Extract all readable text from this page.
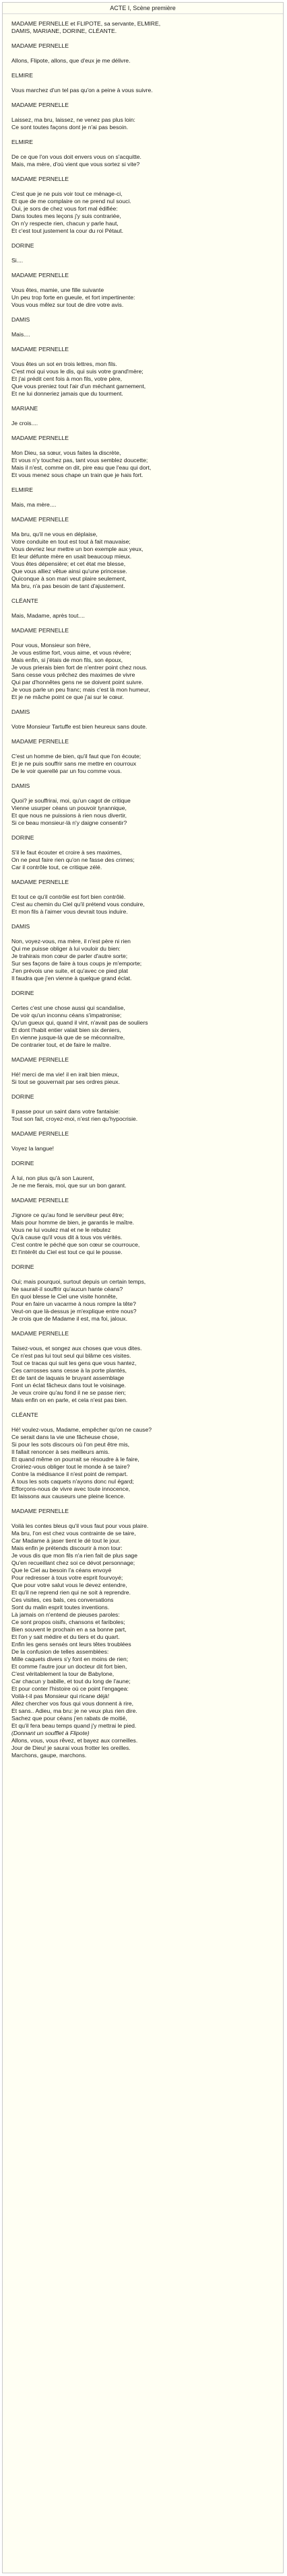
ACTE I, Scène première
MADAME PERNELLE et FLIPOTE, sa servante, ELMIRE,
DAMIS, MARIANE, DORINE, CLÉANTE.
MADAME PERNELLE
Allons, Flipote, allons, que d'eux je me délivre.
ELMIRE
Vous marchez d'un tel pas qu'on a peine à vous suivre.
MADAME PERNELLE
Laissez, ma bru, laissez, ne venez pas plus loin:
Ce sont toutes façons dont je n'ai pas besoin.
ELMIRE
De ce que l'on vous doit envers vous on s'acquitte.
Mais, ma mère, d'où vient que vous sortez si vite?
MADAME PERNELLE
C'est que je ne puis voir tout ce ménage-ci,
Et que de me complaire on ne prend nul souci.
Oui, je sors de chez vous fort mal édifiée:
Dans toutes mes leçons j'y suis contrariée,
On n'y respecte rien, chacun y parle haut,
Et c'est tout justement la cour du roi Pétaut.
DORINE
Si....
MADAME PERNELLE
Vous êtes, mamie, une fille suivante
Un peu trop forte en gueule, et fort impertinente:
Vous vous mêlez sur tout de dire votre avis.
DAMIS
Mais....
MADAME PERNELLE
Vous êtes un sot en trois lettres, mon fils.
C'est moi qui vous le dis, qui suis votre grand'mère;
Et j'ai prédit cent fois à mon fils, votre père,
Que vous preniez tout l'air d'un méchant garnement,
Et ne lui donneriez jamais que du tourment.
MARIANE
Je crois....
MADAME PERNELLE
Mon Dieu, sa sœur, vous faites la discrète,
Et vous n'y touchez pas, tant vous semblez doucette;
Mais il n'est, comme on dit, pire eau que l'eau qui dort,
Et vous menez sous chape un train que je hais fort.
ELMIRE
Mais, ma mère....
MADAME PERNELLE
Ma bru, qu'il ne vous en déplaise,
Votre conduite en tout est tout à fait mauvaise;
Vous devriez leur mettre un bon exemple aux yeux,
Et leur défunte mère en usait beaucoup mieux.
Vous êtes dépensière; et cet état me blesse,
Que vous alliez vêtue ainsi qu'une princesse.
Quiconque à son mari veut plaire seulement,
Ma bru, n'a pas besoin de tant d'ajustement.
CLÉANTE
Mais, Madame, après tout....
MADAME PERNELLE
Pour vous, Monsieur son frère,
Je vous estime fort, vous aime, et vous révère;
Mais enfin, si j'étais de mon fils, son époux,
Je vous prierais bien fort de n'entrer point chez nous.
Sans cesse vous prêchez des maximes de vivre
Qui par d'honnêtes gens ne se doivent point suivre.
Je vous parle un peu franc; mais c'est là mon humeur,
Et je ne mâche point ce que j'ai sur le cœur.
DAMIS
Votre Monsieur Tartuffe est bien heureux sans doute.
MADAME PERNELLE
C'est un homme de bien, qu'il faut que l'on écoute;
Et je ne puis souffrir sans me mettre en courroux
De le voir querellé par un fou comme vous.
DAMIS
Quoi? je souffrirai, moi, qu'un cagot de critique
Vienne usurper céans un pouvoir tyrannique,
Et que nous ne puissions à rien nous divertir,
Si ce beau monsieur-là n'y daigne consentir?
DORINE
S'il le faut écouter et croire à ses maximes,
On ne peut faire rien qu'on ne fasse des crimes;
Car il contrôle tout, ce critique zélé.
MADAME PERNELLE
Et tout ce qu'il contrôle est fort bien contrôlé.
C'est au chemin du Ciel qu'il prétend vous conduire,
Et mon fils à l'aimer vous devrait tous induire.
DAMIS
Non, voyez-vous, ma mère, il n'est père ni rien
Qui me puisse obliger à lui vouloir du bien:
Je trahirais mon cœur de parler d'autre sorte;
Sur ses façons de faire à tous coups je m'emporte;
J'en prévois une suite, et qu'avec ce pied plat
Il faudra que j'en vienne à quelque grand éclat.
DORINE
Certes c'est une chose aussi qui scandalise,
De voir qu'un inconnu céans s'impatronise;
Qu'un gueux qui, quand il vint, n'avait pas de souliers
Et dont l'habit entier valait bien six deniers,
En vienne jusque-là que de se méconnaître,
De contrarier tout, et de faire le maître.
MADAME PERNELLE
Hé! merci de ma vie! il en irait bien mieux,
Si tout se gouvernait par ses ordres pieux.
DORINE
Il passe pour un saint dans votre fantaisie:
Tout son fait, croyez-moi, n'est rien qu'hypocrisie.
MADAME PERNELLE
Voyez la langue!
DORINE
À lui, non plus qu'à son Laurent,
Je ne me fierais, moi, que sur un bon garant.
MADAME PERNELLE
J'ignore ce qu'au fond le serviteur peut être;
Mais pour homme de bien, je garantis le maître.
Vous ne lui voulez mal et ne le rebutez
Qu'à cause qu'il vous dit à tous vos vérités.
C'est contre le péché que son cœur se courrouce,
Et l'intérêt du Ciel est tout ce qui le pousse.
DORINE
Oui; mais pourquoi, surtout depuis un certain temps,
Ne saurait-il souffrir qu'aucun hante céans?
En quoi blesse le Ciel une visite honnête,
Pour en faire un vacarme à nous rompre la tête?
Veut-on que là-dessus je m'explique entre nous?
Je crois que de Madame il est, ma foi, jaloux.
MADAME PERNELLE
Taisez-vous, et songez aux choses que vous dites.
Ce n'est pas lui tout seul qui blâme ces visites.
Tout ce tracas qui suit les gens que vous hantez,
Ces carrosses sans cesse à la porte plantés,
Et de tant de laquais le bruyant assemblage
Font un éclat fâcheux dans tout le voisinage.
Je veux croire qu'au fond il ne se passe rien;
Mais enfin on en parle, et cela n'est pas bien.
CLÉANTE
Hé! voulez-vous, Madame, empêcher qu'on ne cause?
Ce serait dans la vie une fâcheuse chose,
Si pour les sots discours où l'on peut être mis,
Il fallait renoncer à ses meilleurs amis.
Et quand même on pourrait se résoudre à le faire,
Croiriez-vous obliger tout le monde à se taire?
Contre la médisance il n'est point de rempart.
À tous les sots caquets n'ayons donc nul égard;
Efforçons-nous de vivre avec toute innocence,
Et laissons aux causeurs une pleine licence.
MADAME PERNELLE
Voilà les contes bleus qu'il vous faut pour vous plaire.
Ma bru, l'on est chez vous contrainte de se taire,
Car Madame à jaser tient le dé tout le jour.
Mais enfin je prétends discourir à mon tour:
Je vous dis que mon fils n'a rien fait de plus sage
Qu'en recueillant chez soi ce dévot personnage;
Que le Ciel au besoin l'a céans envoyé
Pour redresser à tous votre esprit fourvoyé;
Que pour votre salut vous le devez entendre,
Et qu'il ne reprend rien qui ne soit à reprendre.
Ces visites, ces bals, ces conversations
Sont du malin esprit toutes inventions.
Là jamais on n'entend de pieuses paroles:
Ce sont propos oisifs, chansons et fariboles;
Bien souvent le prochain en a sa bonne part,
Et l'on y sait médire et du tiers et du quart.
Enfin les gens sensés ont leurs têtes troublées
De la confusion de telles assemblées:
Mille caquets divers s'y font en moins de rien;
Et comme l'autre jour un docteur dit fort bien,
C'est véritablement la tour de Babylone,
Car chacun y babille, et tout du long de l'aune;
Et pour conter l'histoire où ce point l'engagea:
Voilà-t-il pas Monsieur qui ricane déjà!
Allez chercher vos fous qui vous donnent à rire,
Et sans.. Adieu, ma bru: je ne veux plus rien dire.
Sachez que pour céans j'en rabats de moitié,
Et qu'il fera beau temps quand j'y mettrai le pied.
(Donnant un soufflet à Flipote)
Allons, vous, vous rêvez, et bayez aux corneilles.
Jour de Dieu! je saurai vous frotter les oreilles.
Marchons, gaupe, marchons.
